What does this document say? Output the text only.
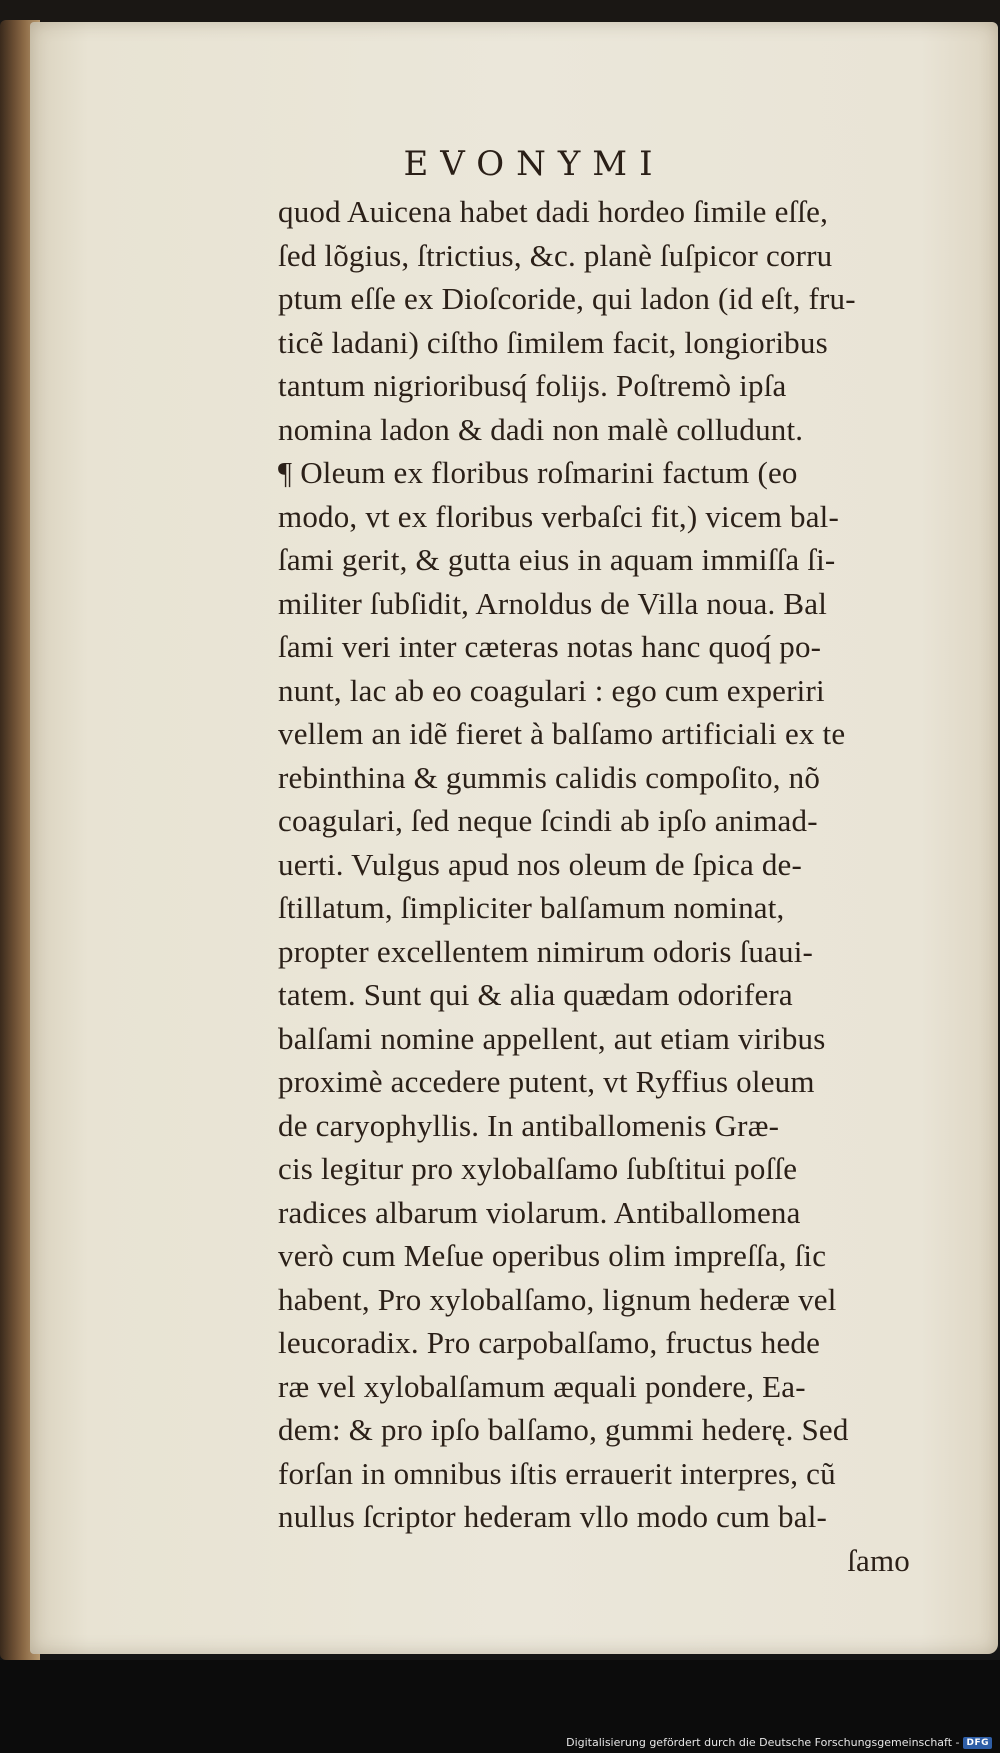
EVONYMI
quod Auicena habet dadi hordeo ſimile eſſe,
ſed lõgius, ſtrictius, &c. planè ſuſpicor corru
ptum eſſe ex Dioſcoride, qui ladon (id eſt, fru-
ticẽ ladani) ciſtho ſimilem facit, longioribus
tantum nigrioribusq́ folijs. Poſtremò ipſa
nomina ladon & dadi non malè colludunt.
¶ Oleum ex floribus roſmarini factum (eo
modo, vt ex floribus verbaſci fit,) vicem bal-
ſami gerit, & gutta eius in aquam immiſſa ſi-
militer ſubſidit, Arnoldus de Villa noua. Bal
ſami veri inter cæteras notas hanc quoq́ po-
nunt, lac ab eo coagulari : ego cum experiri
vellem an idẽ fieret à balſamo artificiali ex te
rebinthina & gummis calidis compoſito, nõ
coagulari, ſed neque ſcindi ab ipſo animad-
uerti. Vulgus apud nos oleum de ſpica de-
ſtillatum, ſimpliciter balſamum nominat,
propter excellentem nimirum odoris ſuaui-
tatem. Sunt qui & alia quædam odorifera
balſami nomine appellent, aut etiam viribus
proximè accedere putent, vt Ryffius oleum
de caryophyllis. In antiballomenis Græ-
cis legitur pro xylobalſamo ſubſtitui poſſe
radices albarum violarum. Antiballomena
verò cum Meſue operibus olim impreſſa, ſic
habent, Pro xylobalſamo, lignum hederæ vel
leucoradix. Pro carpobalſamo, fructus hede
ræ vel xylobalſamum æquali pondere, Ea-
dem: & pro ipſo balſamo, gummi hederę. Sed
forſan in omnibus iſtis errauerit interpres, cũ
nullus ſcriptor hederam vllo modo cum bal-
ſamo
Digitalisierung gefördert durch die Deutsche Forschungsgemeinschaft - DFG
